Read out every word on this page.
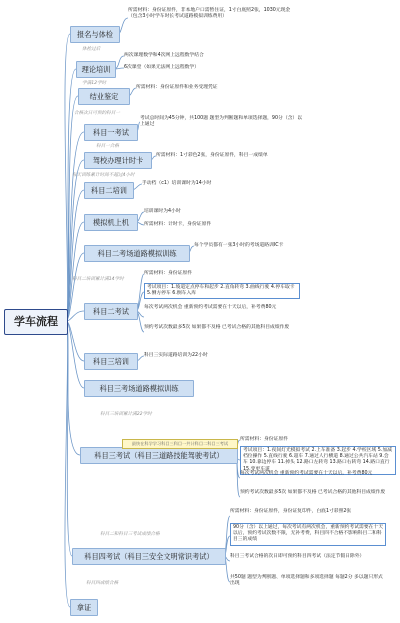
学车流程
报名与体检
理论培训
结业鉴定
科目一考试
驾校办理计时卡
科目二培训
模拟机上机
科目二考场道路模拟训练
科目二考试
科目三培训
科目三考场道路模拟训练
科目三考试（科目三道路技能驾驶考试）
科目四考试（科目三安全文明常识考试）
拿证
体检过后
学满12学时
合格次日可预约科目一
科目一合格
每天训练累计时间不超过4小时
科目二培训累计满14学时
科目三培训累计满22学时
科目二和科目三考试成绩合格
科目四成绩合格
所需材料：身份证原件，非本地户口需暂住证，1寸白底照2张，1030元现金（包含3小时学车时长考试道路模拟训练费用）
两次课理数学和4次网上远程数学结合
6次课堂（如果无法网上远程数学）
所需材料：身份证原件和业务受理凭证
考试总时间为45分钟，共100题 题型为判断题和单项选择题，90分（含）以上通过
所需材料：1寸彩色2张，身份证原件，科目一成绩单
手动档（c1）培训课时为14小时
培训课时为4小时
所需材料：计时卡，身份证原件
每个学员都有一张3小时的考场道路训IC卡
所需材料：身份证原件
考试项目：1.坡道定点停车和起步 2.直角转弯 3.曲线行驶 4.停车取卡 5.侧方停车 6.倒车入库
每次考试两次机会 重新预约考试需要在十天以后，补考费80元
预约考试次数最多5次 如果都不及格 已考试合格的其他科目成绩作废
科目三实际道路培训为22小时
所需材料：身份证原件
考试项目：1.夜间灯光模拟考试 2.上车准备 3.起步 4.学校区域 5.加减档位操作 5.直线行驶 6.超车 7.通过人行横道 8.通过公共汽车站 9.会车 10.靠边停车 11.掉头 12.路口左转弯 13.路口右转弯 14.路口直行 15.变更车道
每次考试两次机会 重新预约考试需要在十天以后，补考费80元
预约考试次数最多5次 如果都不及格 已考试合格的其他科目成绩作废
最快在科学学习科目三科目一共计科目二科目三考试
所需材料：身份证原件，身份证复印件，白底1寸彩照2张
90分（含）以上通过，每次考试有两次机会，重新预约考试需要在十天以后，预约考试次数不限，无补考费，科目四不合格不影响科目二和科目三的成绩
科目三考试合格的次日即可预约科目四考试（法定节假日除外）
共50题 题型为判断题、单项选择题和多项选择题 每题2分 多以题只形式出现
